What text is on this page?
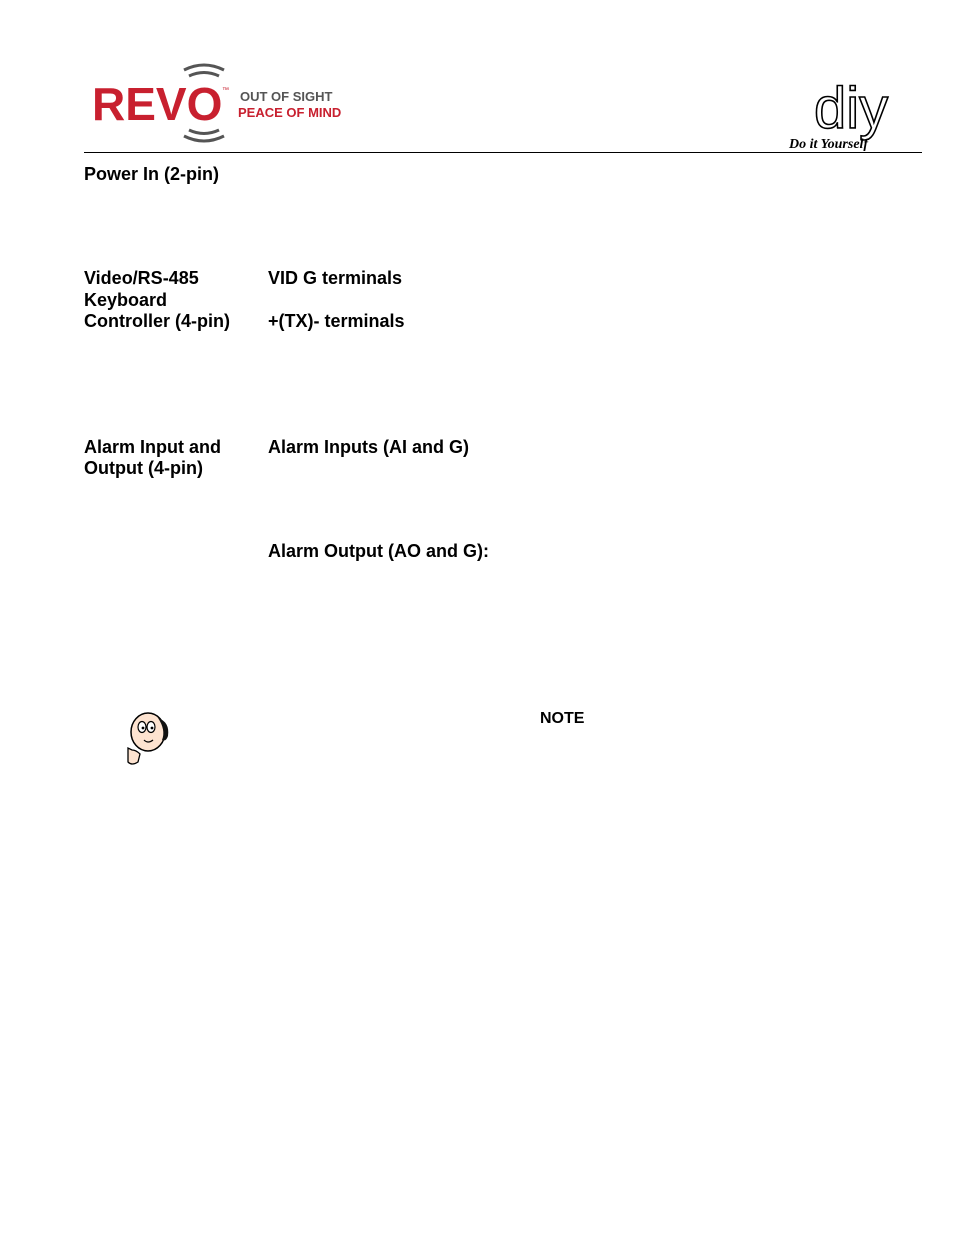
REVO ™ OUT OF SIGHT
PEACE OF MIND	diy
Do it Yourself
Power In (2-pin)
Video/RS-485
Keyboard
Controller (4-pin)
VID G terminals
+(TX)- terminals
Alarm Input and
Output (4-pin)
Alarm Inputs (AI and G)
Alarm Output (AO and G):
NOTE
